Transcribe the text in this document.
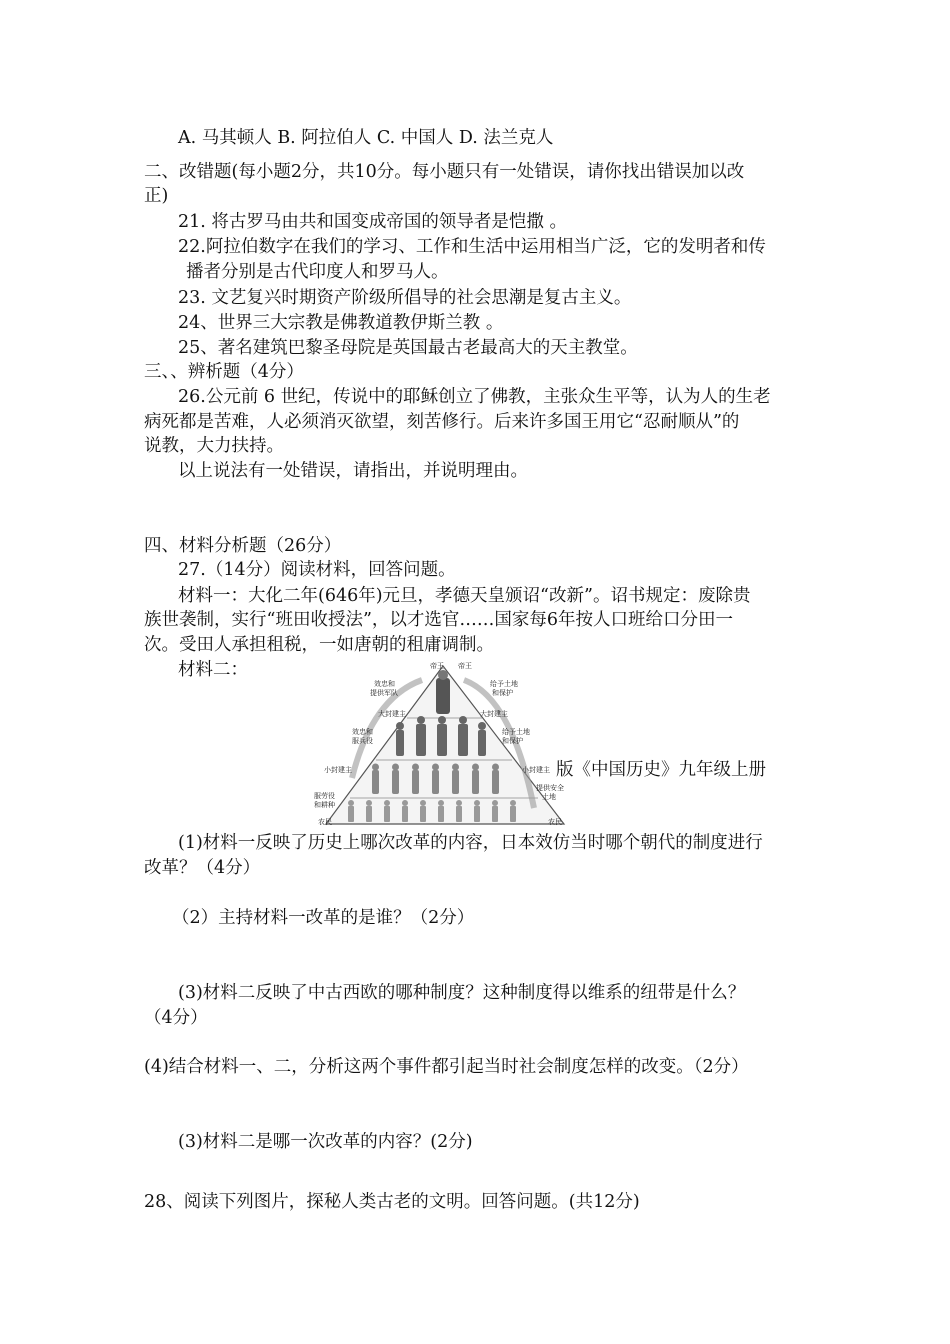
A. 马其顿人 B. 阿拉伯人 C. 中国人 D. 法兰克人
二、改错题(每小题2分，共10分。每小题只有一处错误，请你找出错误加以改
正)
21. 将古罗马由共和国变成帝国的领导者是恺撒 。
22.阿拉伯数字在我们的学习、工作和生活中运用相当广泛，它的发明者和传
播者分别是古代印度人和罗马人。
23. 文艺复兴时期资产阶级所倡导的社会思潮是复古主义。
24、世界三大宗教是佛教道教伊斯兰教 。
25、著名建筑巴黎圣母院是英国最古老最高大的天主教堂。
三、、辨析题（4分）
26.公元前 6 世纪，传说中的耶稣创立了佛教，主张众生平等，认为人的生老
病死都是苦难，人必须消灭欲望，刻苦修行。后来许多国王用它“忍耐顺从”的
说教，大力扶持。
以上说法有一处错误，请指出，并说明理由。
四、材料分析题（26分）
27.（14分）阅读材料，回答问题。
材料一：大化二年(646年)元旦，孝德天皇颁诏“改新”。诏书规定：废除贵
族世袭制，实行“班田收授法”，以才选官……国家每6年按人口班给口分田一
次。受田人承担租税，一如唐朝的租庸调制。
材料二：	帝王 帝王
效忠和
提供军队
给予土地
和保护
大封建主	大封建主
效忠和
服兵役
给予土地
和保护
小封建主	小封建主
服劳役
和耕种
提供安全
土地
农民	农民
版《中国历史》九年级上册
(1)材料一反映了历史上哪次改革的内容，日本效仿当时哪个朝代的制度进行
改革？（4分）
（2）主持材料一改革的是谁？（2分）
(3)材料二反映了中古西欧的哪种制度？这种制度得以维系的纽带是什么？
（4分）
(4)结合材料一、二，分析这两个事件都引起当时社会制度怎样的改变。（2分）
(3)材料二是哪一次改革的内容？(2分)
28、阅读下列图片，探秘人类古老的文明。回答问题。(共12分)
